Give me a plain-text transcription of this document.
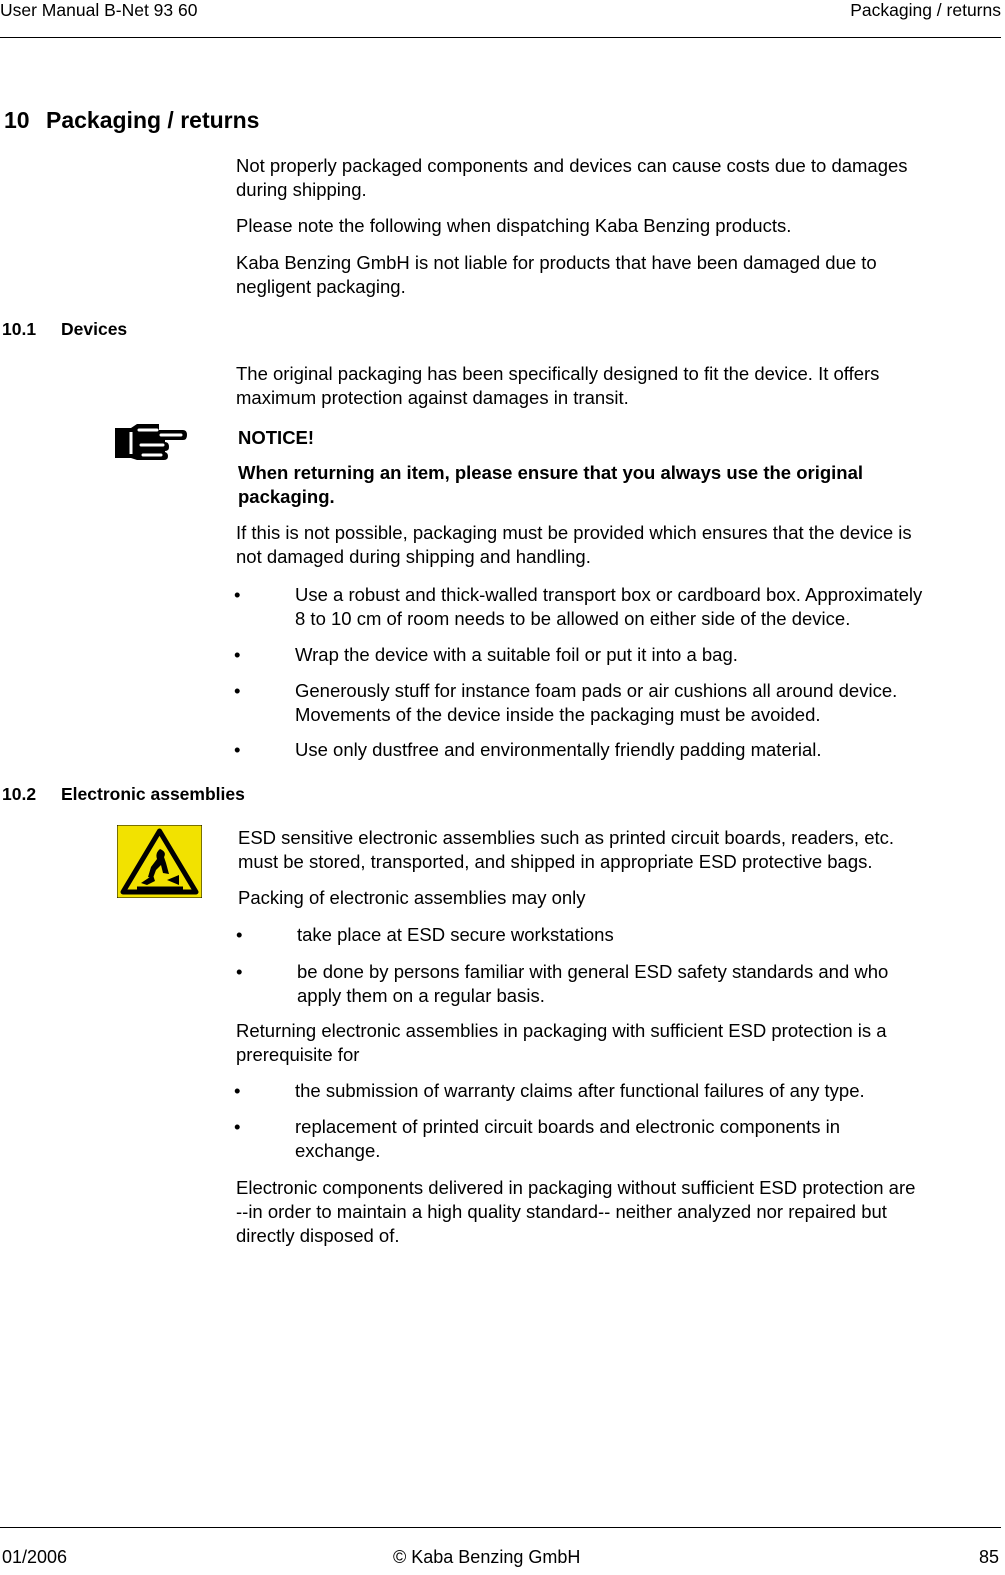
User Manual B-Net 93 60	Packaging / returns
10 Packaging / returns
Not properly packaged components and devices can cause costs due to damages
during shipping.
Please note the following when dispatching Kaba Benzing products.
Kaba Benzing GmbH is not liable for products that have been damaged due to
negligent packaging.
10.1 Devices
The original packaging has been specifically designed to fit the device. It offers
maximum protection against damages in transit.
NOTICE!
When returning an item, please ensure that you always use the original
packaging.
If this is not possible, packaging must be provided which ensures that the device is
not damaged during shipping and handling.
•	Use a robust and thick-walled transport box or cardboard box. Approximately
8 to 10 cm of room needs to be allowed on either side of the device.
•	Wrap the device with a suitable foil or put it into a bag.
•	Generously stuff for instance foam pads or air cushions all around device.
Movements of the device inside the packaging must be avoided.
•	Use only dustfree and environmentally friendly padding material.
10.2 Electronic assemblies
ESD sensitive electronic assemblies such as printed circuit boards, readers, etc.
must be stored, transported, and shipped in appropriate ESD protective bags.
Packing of electronic assemblies may only
•	take place at ESD secure workstations
•	be done by persons familiar with general ESD safety standards and who
apply them on a regular basis.
Returning electronic assemblies in packaging with sufficient ESD protection is a
prerequisite for
•	the submission of warranty claims after functional failures of any type.
•	replacement of printed circuit boards and electronic components in
exchange.
Electronic components delivered in packaging without sufficient ESD protection are
--in order to maintain a high quality standard-- neither analyzed nor repaired but
directly disposed of.
01/2006	© Kaba Benzing GmbH	85
